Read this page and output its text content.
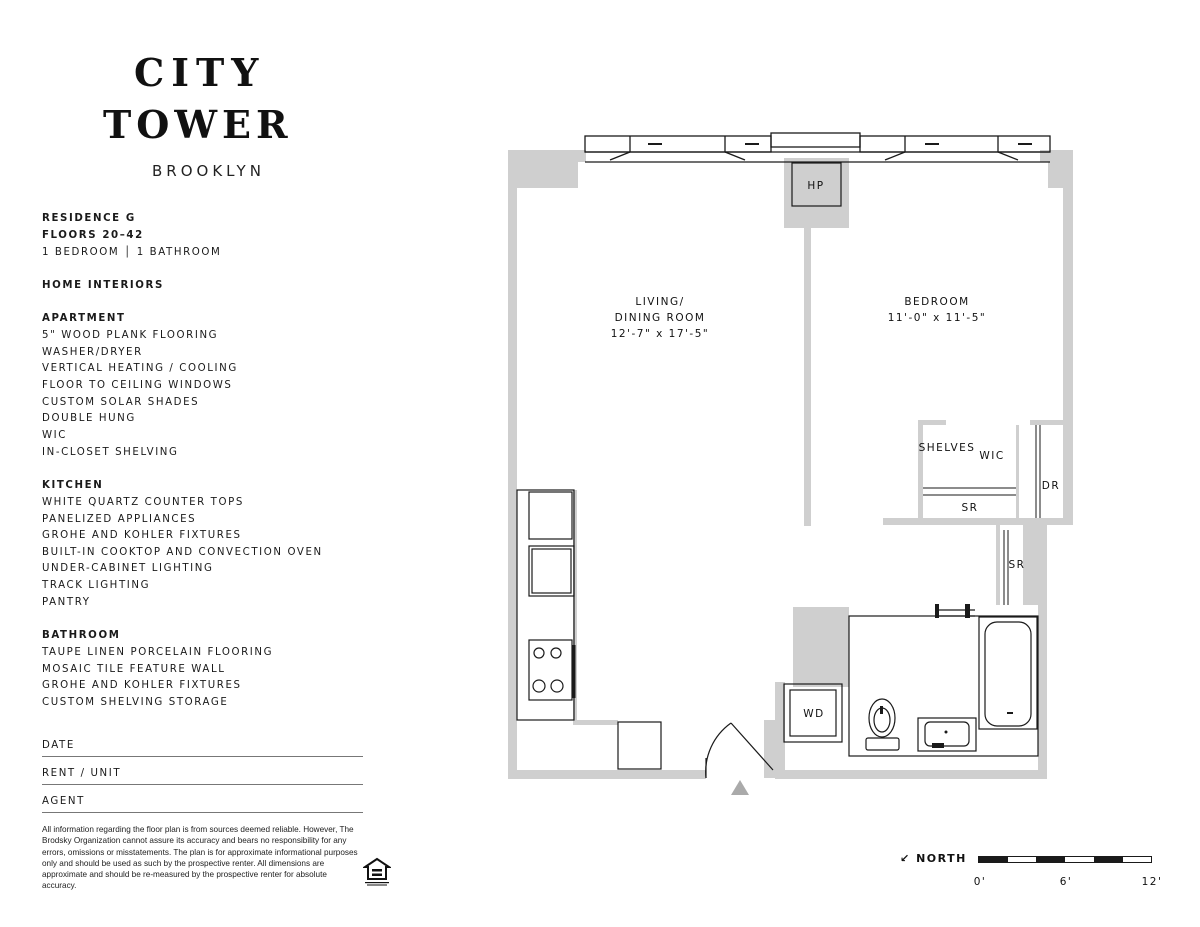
CITY
TOWER
BROOKLYN
RESIDENCE G
FLOORS 20–42
1 BEDROOM │ 1 BATHROOM
HOME INTERIORS
APARTMENT
5" WOOD PLANK FLOORING
WASHER/DRYER
VERTICAL HEATING / COOLING
FLOOR TO CEILING WINDOWS
CUSTOM SOLAR SHADES
DOUBLE HUNG
WIC
IN-CLOSET SHELVING
KITCHEN
WHITE QUARTZ COUNTER TOPS
PANELIZED APPLIANCES
GROHE AND KOHLER FIXTURES
BUILT-IN COOKTOP AND CONVECTION OVEN
UNDER-CABINET LIGHTING
TRACK LIGHTING
PANTRY
BATHROOM
TAUPE LINEN PORCELAIN FLOORING
MOSAIC TILE FEATURE WALL
GROHE AND KOHLER FIXTURES
CUSTOM SHELVING STORAGE
DATE
RENT / UNIT
AGENT
All information regarding the floor plan is from sources deemed reliable. However, The Brodsky Organization cannot assure its accuracy and bears no responsibility for any errors, omissions or misstatements. The plan is for approximate informational purposes only and should be used as such by the prospective renter. All dimensions are approximate and should be re-measured by the prospective renter for absolute accuracy.
LIVING/
DINING ROOM
12'-7" x 17'-5"
BEDROOM
11'-0" x 11'-5"
HP
SHELVES
WIC
DR
SR
SR
WD
↙ NORTH
0'	6'	12'
